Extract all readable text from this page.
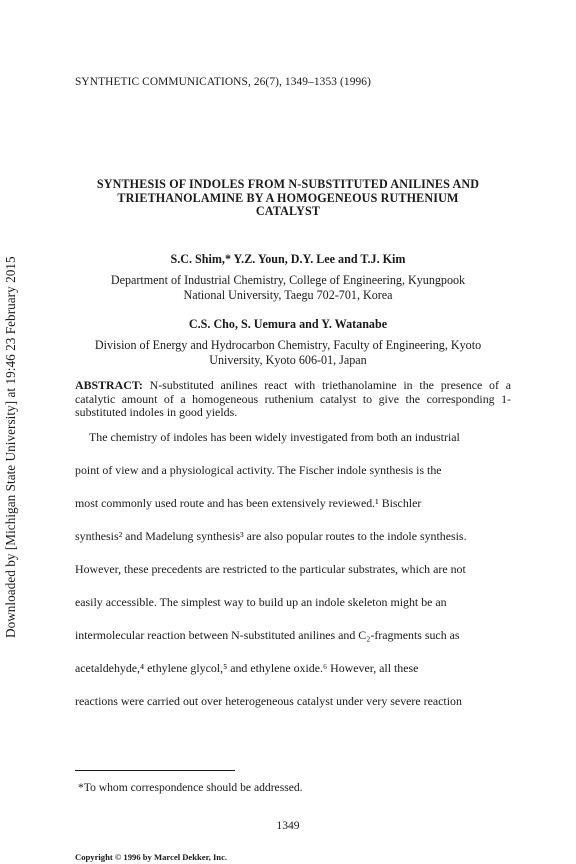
Downloaded by [Michigan State University] at 19:46 23 February 2015
SYNTHETIC COMMUNICATIONS, 26(7), 1349–1353 (1996)
SYNTHESIS OF INDOLES FROM N-SUBSTITUTED ANILINES AND
TRIETHANOLAMINE BY A HOMOGENEOUS RUTHENIUM
CATALYST
S.C. Shim,* Y.Z. Youn, D.Y. Lee and T.J. Kim
Department of Industrial Chemistry, College of Engineering, Kyungpook
National University, Taegu 702-701, Korea
C.S. Cho, S. Uemura and Y. Watanabe
Division of Energy and Hydrocarbon Chemistry, Faculty of Engineering, Kyoto
University, Kyoto 606-01, Japan
ABSTRACT: N-substituted anilines react with triethanolamine in the presence of a catalytic amount of a homogeneous ruthenium catalyst to give the corresponding 1-substituted indoles in good yields.
The chemistry of indoles has been widely investigated from both an industrial
point of view and a physiological activity. The Fischer indole synthesis is the
most commonly used route and has been extensively reviewed.¹ Bischler
synthesis² and Madelung synthesis³ are also popular routes to the indole synthesis.
However, these precedents are restricted to the particular substrates, which are not
easily accessible. The simplest way to build up an indole skeleton might be an
intermolecular reaction between N-substituted anilines and C₂-fragments such as
acetaldehyde,⁴ ethylene glycol,⁵ and ethylene oxide.⁶ However, all these
reactions were carried out over heterogeneous catalyst under very severe reaction
*To whom correspondence should be addressed.
1349
Copyright © 1996 by Marcel Dekker, Inc.
